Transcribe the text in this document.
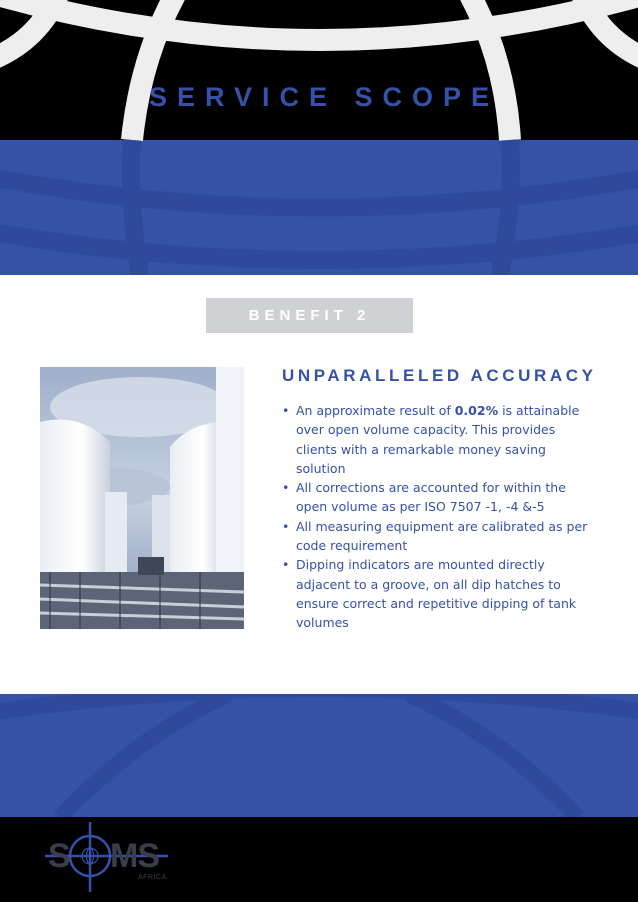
SERVICE SCOPE
BENEFIT 2
UNPARALLELED ACCURACY
• An approximate result of 0.02% is attainable over open volume capacity. This provides clients with a remarkable money saving solution
• All corrections are accounted for within the open volume as per ISO 7507 -1, -4 &-5
• All measuring equipment are calibrated as per code requirement
• Dipping indicators are mounted directly adjacent to a groove, on all dip hatches to ensure correct and repetitive dipping of tank volumes
S MS
AFRICA
